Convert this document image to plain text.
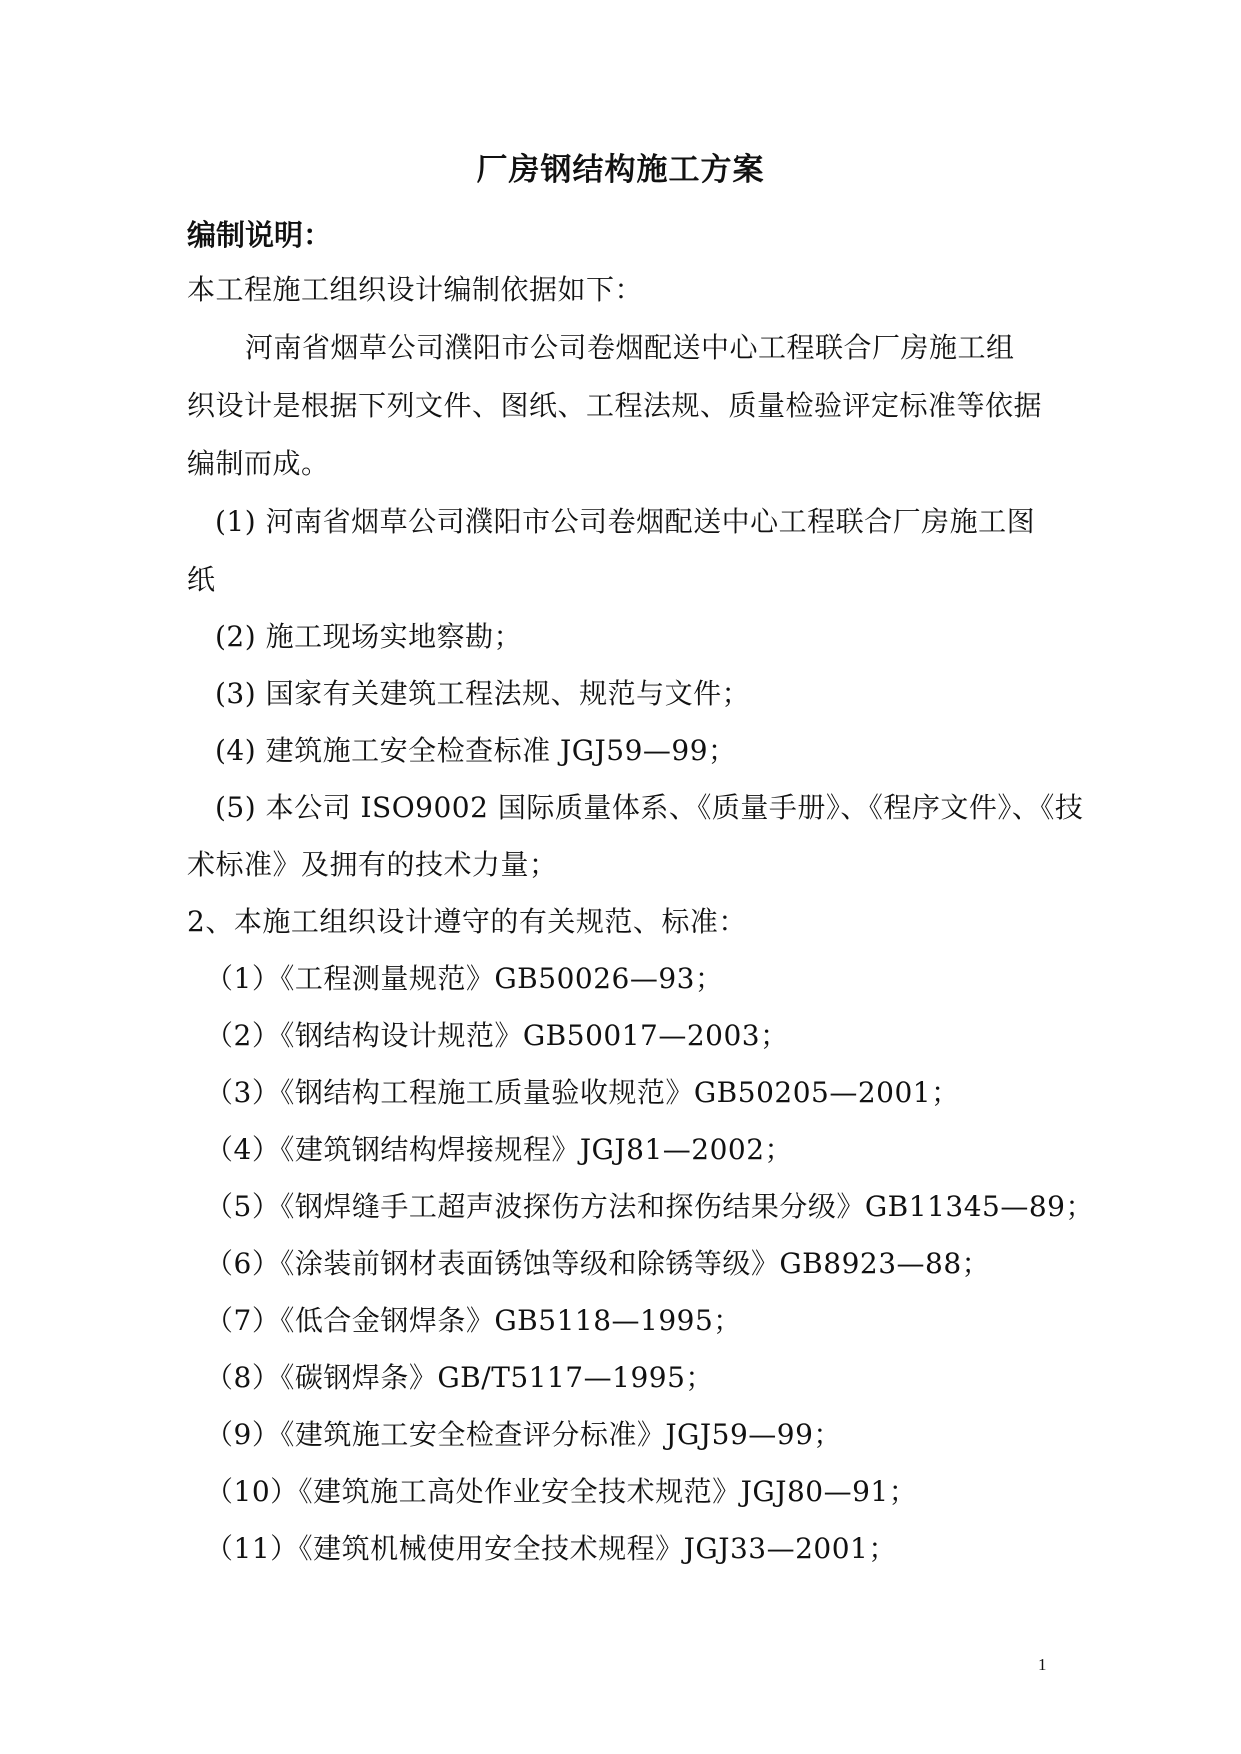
厂房钢结构施工方案
编制说明：
本工程施工组织设计编制依据如下：
河南省烟草公司濮阳市公司卷烟配送中心工程联合厂房施工组
织设计是根据下列文件、图纸、工程法规、质量检验评定标准等依据
编制而成。
(1) 河南省烟草公司濮阳市公司卷烟配送中心工程联合厂房施工图
纸
(2) 施工现场实地察勘；
(3) 国家有关建筑工程法规、规范与文件；
(4) 建筑施工安全检查标准 JGJ59—99；
(5) 本公司 ISO9002 国际质量体系、《质量手册》、《程序文件》、《技
术标准》及拥有的技术力量；
2、本施工组织设计遵守的有关规范、标准：
（1）《工程测量规范》GB50026—93；
（2）《钢结构设计规范》GB50017—2003；
（3）《钢结构工程施工质量验收规范》GB50205—2001；
（4）《建筑钢结构焊接规程》JGJ81—2002；
（5）《钢焊缝手工超声波探伤方法和探伤结果分级》GB11345—89；
（6）《涂装前钢材表面锈蚀等级和除锈等级》GB8923—88；
（7）《低合金钢焊条》GB5118—1995；
（8）《碳钢焊条》GB/T5117—1995；
（9）《建筑施工安全检查评分标准》JGJ59—99；
（10）《建筑施工高处作业安全技术规范》JGJ80—91；
（11）《建筑机械使用安全技术规程》JGJ33—2001；
1
